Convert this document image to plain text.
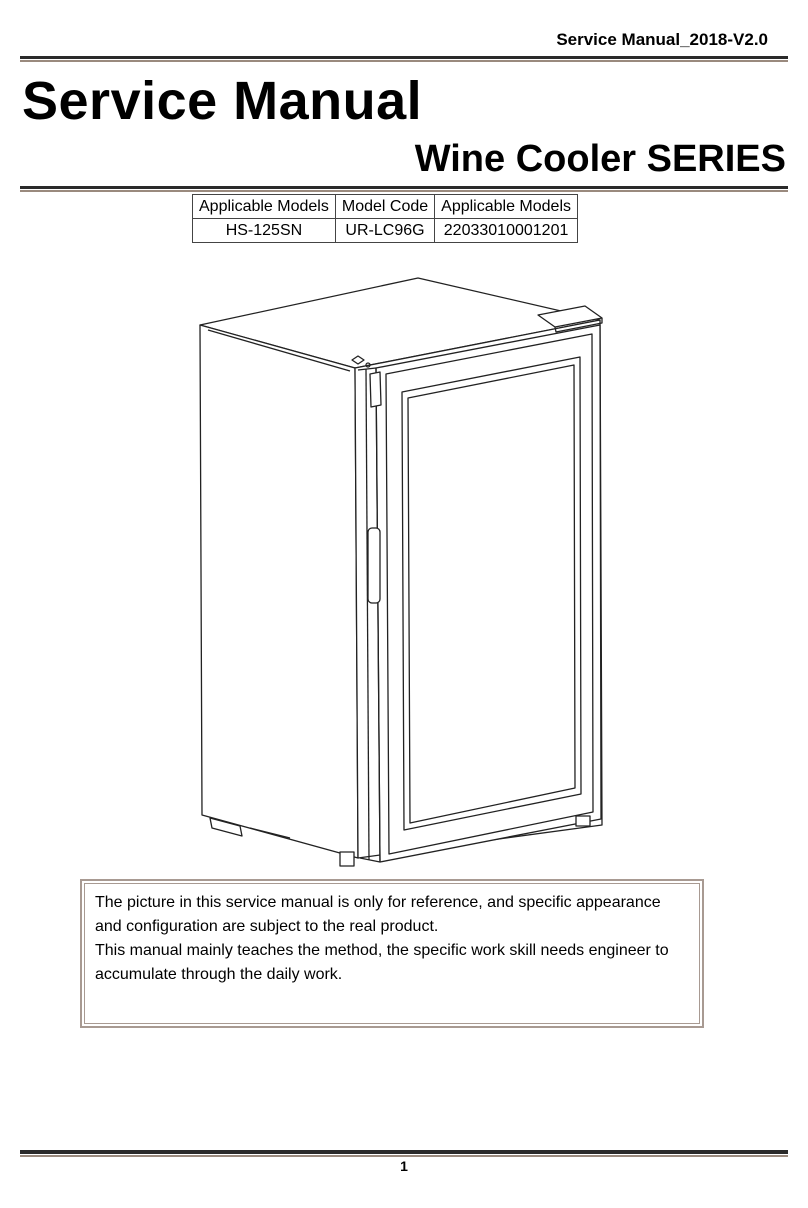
Service Manual_2018-V2.0
Service Manual
Wine Cooler SERIES
Applicable Models	Model Code	Applicable Models
HS-125SN	UR-LC96G	22033010001201

The picture in this service manual is only for reference, and specific appearance and configuration are subject to the real product.

This manual mainly teaches the method, the specific work skill needs engineer to accumulate through the daily work.

1
